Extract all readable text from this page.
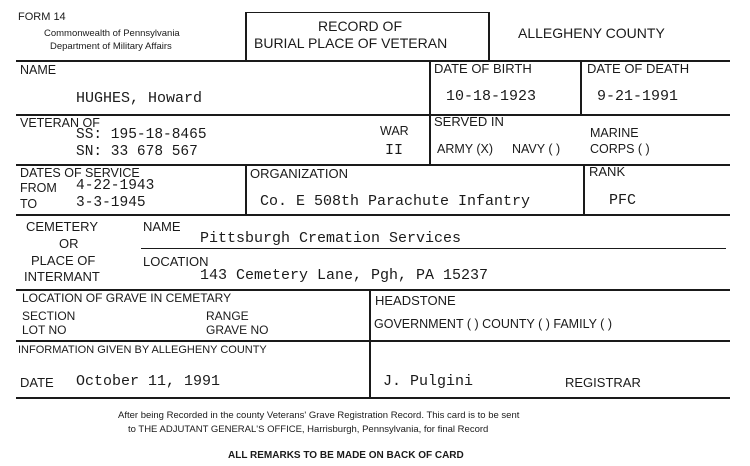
FORM 14
Commonwealth of Pennsylvania
Department of Military Affairs
RECORD OF
BURIAL PLACE OF VETERAN
ALLEGHENY COUNTY
NAME
HUGHES, Howard
DATE OF BIRTH
10-18-1923
DATE OF DEATH
9-21-1991
VETERAN OF
SS: 195-18-8465
SN: 33 678 567
WAR
II
SERVED IN
ARMY (X) NAVY ( )
MARINE
CORPS ( )
DATES OF SERVICE
FROM 4-22-1943
TO	3-3-1945
ORGANIZATION
Co. E 508th Parachute Infantry
RANK
PFC
CEMETERY
OR
PLACE OF
INTERMANT
NAME
Pittsburgh Cremation Services
LOCATION
143 Cemetery Lane, Pgh, PA 15237
LOCATION OF GRAVE IN CEMETARY
SECTION
LOT NO
RANGE
GRAVE NO
HEADSTONE
GOVERNMENT ( ) COUNTY ( ) FAMILY ( )
INFORMATION GIVEN BY ALLEGHENY COUNTY
DATE October 11, 1991	J. Pulgini	REGISTRAR
After being Recorded in the county Veterans' Grave Registration Record. This card is to be sent
to THE ADJUTANT GENERAL'S OFFICE, Harrisburgh, Pennsylvania, for final Record
ALL REMARKS TO BE MADE ON BACK OF CARD
